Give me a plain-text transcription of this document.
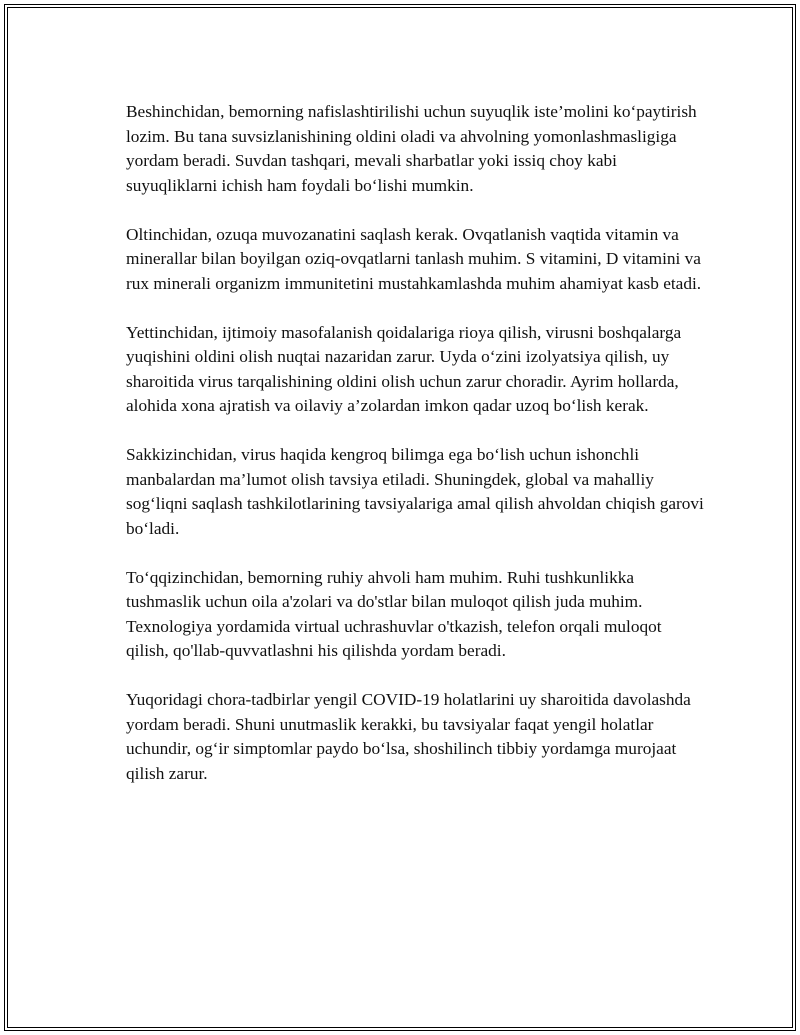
Beshinchidan, bemorning nafislashtirilishi uchun suyuqlik iste’molini ko‘paytirish lozim. Bu tana suvsizlanishining oldini oladi va ahvolning yomonlashmasligiga yordam beradi. Suvdan tashqari, mevali sharbatlar yoki issiq choy kabi suyuqliklarni ichish ham foydali bo‘lishi mumkin.

Oltinchidan, ozuqa muvozanatini saqlash kerak. Ovqatlanish vaqtida vitamin va minerallar bilan boyilgan oziq-ovqatlarni tanlash muhim. S vitamini, D vitamini va rux minerali organizm immunitetini mustahkamlashda muhim ahamiyat kasb etadi.

Yettinchidan, ijtimoiy masofalanish qoidalariga rioya qilish, virusni boshqalarga yuqishini oldini olish nuqtai nazaridan zarur. Uyda o‘zini izolyatsiya qilish, uy sharoitida virus tarqalishining oldini olish uchun zarur choradir. Ayrim hollarda, alohida xona ajratish va oilaviy a’zolardan imkon qadar uzoq bo‘lish kerak.

Sakkizinchidan, virus haqida kengroq bilimga ega bo‘lish uchun ishonchli manbalardan ma’lumot olish tavsiya etiladi. Shuningdek, global va mahalliy sog‘liqni saqlash tashkilotlarining tavsiyalariga amal qilish ahvoldan chiqish garovi bo‘ladi.

To‘qqizinchidan, bemorning ruhiy ahvoli ham muhim. Ruhi tushkunlikka tushmaslik uchun oila a'zolari va do'stlar bilan muloqot qilish juda muhim. Texnologiya yordamida virtual uchrashuvlar o'tkazish, telefon orqali muloqot qilish, qo'llab-quvvatlashni his qilishda yordam beradi.

Yuqoridagi chora-tadbirlar yengil COVID-19 holatlarini uy sharoitida davolashda yordam beradi. Shuni unutmaslik kerakki, bu tavsiyalar faqat yengil holatlar uchundir, og‘ir simptomlar paydo bo‘lsa, shoshilinch tibbiy yordamga murojaat qilish zarur.
